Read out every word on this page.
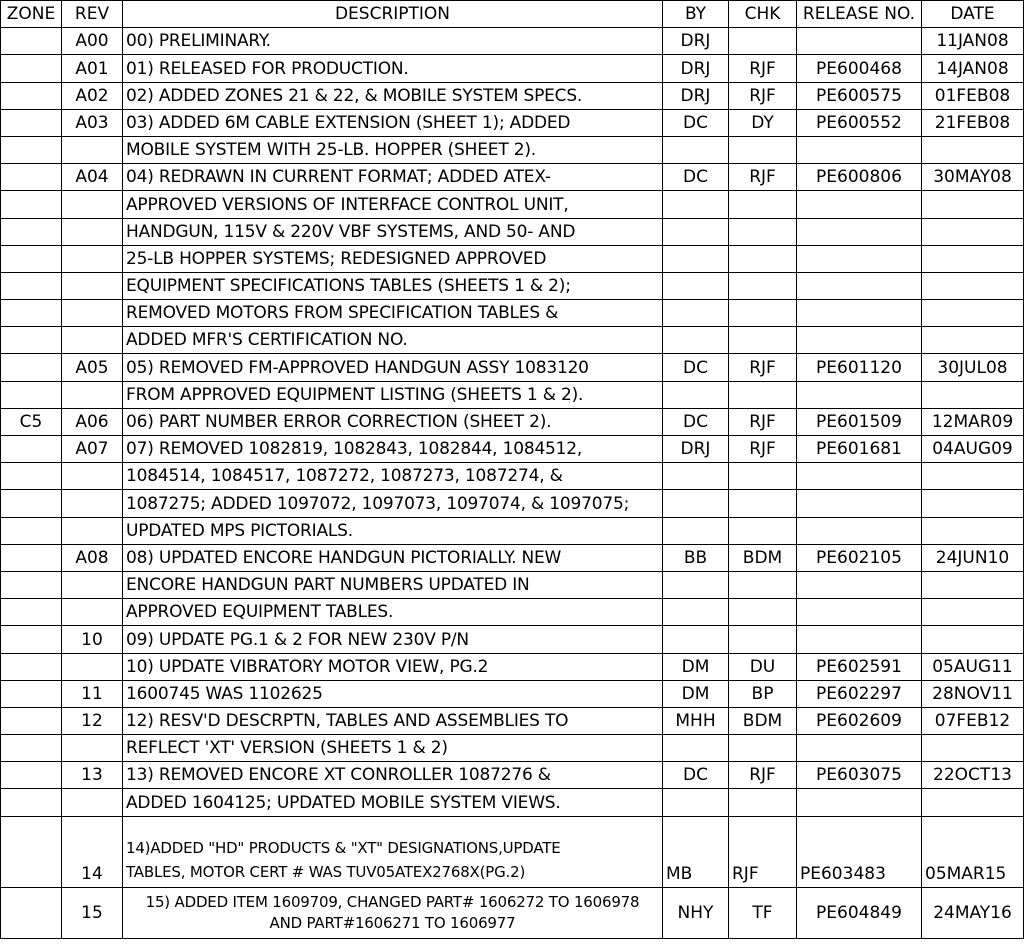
ZONE	REV	DESCRIPTION	BY	CHK	RELEASE NO.	DATE
	A00	00) PRELIMINARY.	DRJ			11JAN08
	A01	01) RELEASED FOR PRODUCTION.	DRJ	RJF	PE600468	14JAN08
	A02	02) ADDED ZONES 21 & 22, & MOBILE SYSTEM SPECS.	DRJ	RJF	PE600575	01FEB08
	A03	03) ADDED 6M CABLE EXTENSION (SHEET 1); ADDED	DC	DY	PE600552	21FEB08
		MOBILE SYSTEM WITH 25-LB. HOPPER (SHEET 2).				
	A04	04) REDRAWN IN CURRENT FORMAT; ADDED ATEX-	DC	RJF	PE600806	30MAY08
		APPROVED VERSIONS OF INTERFACE CONTROL UNIT,				
		HANDGUN, 115V & 220V VBF SYSTEMS, AND 50- AND				
		25-LB HOPPER SYSTEMS; REDESIGNED APPROVED				
		EQUIPMENT SPECIFICATIONS TABLES (SHEETS 1 & 2);				
		REMOVED MOTORS FROM SPECIFICATION TABLES &				
		ADDED MFR'S CERTIFICATION NO.				
	A05	05) REMOVED FM-APPROVED HANDGUN ASSY 1083120	DC	RJF	PE601120	30JUL08
		FROM APPROVED EQUIPMENT LISTING (SHEETS 1 & 2).				
C5	A06	06) PART NUMBER ERROR CORRECTION (SHEET 2).	DC	RJF	PE601509	12MAR09
	A07	07) REMOVED 1082819, 1082843, 1082844, 1084512,	DRJ	RJF	PE601681	04AUG09
		1084514, 1084517, 1087272, 1087273, 1087274, &				
		1087275; ADDED 1097072, 1097073, 1097074, & 1097075;				
		UPDATED MPS PICTORIALS.				
	A08	08) UPDATED ENCORE HANDGUN PICTORIALLY. NEW	BB	BDM	PE602105	24JUN10
		ENCORE HANDGUN PART NUMBERS UPDATED IN				
		APPROVED EQUIPMENT TABLES.				
	10	09) UPDATE PG.1 & 2 FOR NEW 230V P/N				
		10) UPDATE VIBRATORY MOTOR VIEW, PG.2	DM	DU	PE602591	05AUG11
	11	1600745 WAS 1102625	DM	BP	PE602297	28NOV11
	12	12) RESV'D DESCRPTN, TABLES AND ASSEMBLIES TO	MHH	BDM	PE602609	07FEB12
		REFLECT 'XT' VERSION (SHEETS 1 & 2)				
	13	13) REMOVED ENCORE XT CONROLLER 1087276 &	DC	RJF	PE603075	22OCT13
		ADDED 1604125; UPDATED MOBILE SYSTEM VIEWS.				
	14	14)ADDED "HD" PRODUCTS & "XT" DESIGNATIONS,UPDATE
TABLES, MOTOR CERT # WAS TUV05ATEX2768X(PG.2)	MB	RJF	PE603483	05MAR15
	15	15) ADDED ITEM 1609709, CHANGED PART# 1606272 TO 1606978
AND PART#1606271 TO 1606977	NHY	TF	PE604849	24MAY16
